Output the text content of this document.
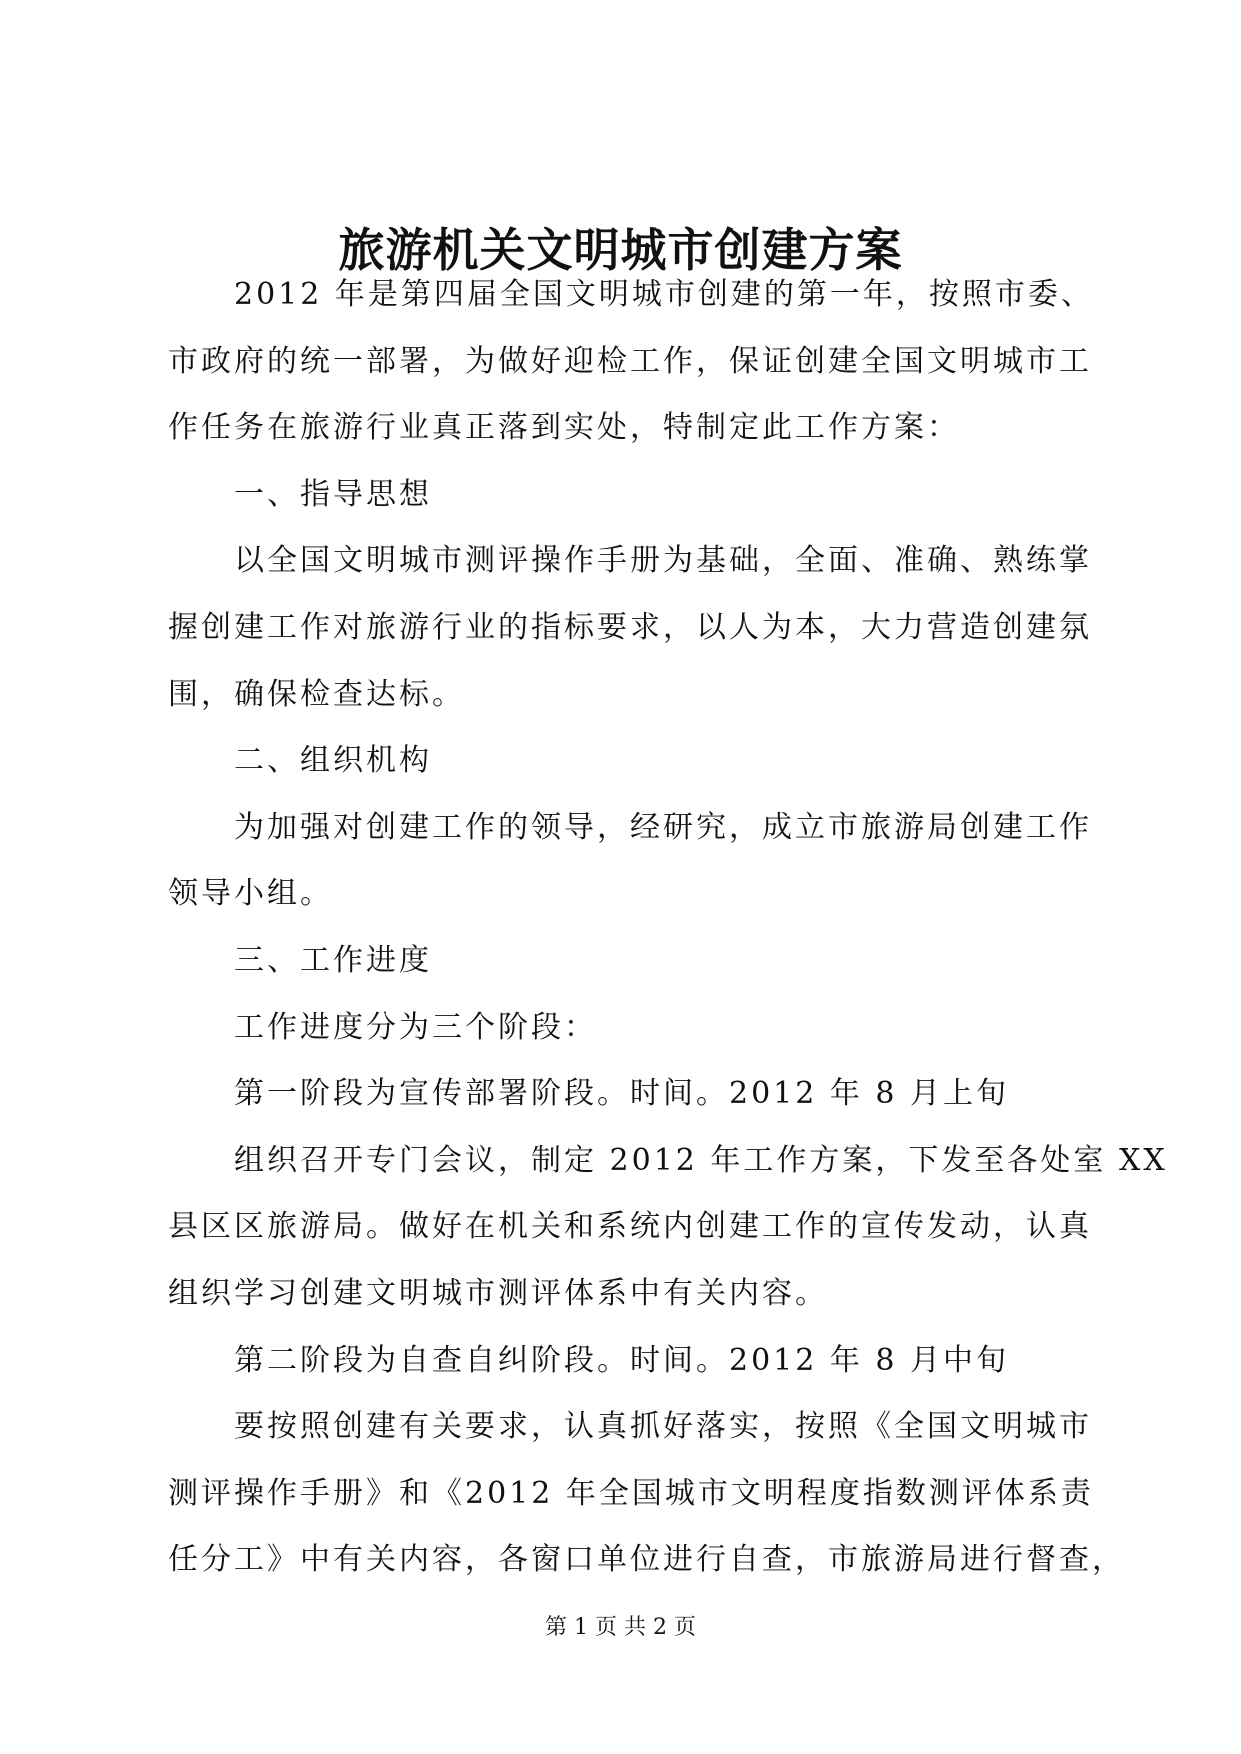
旅游机关文明城市创建方案
2012 年是第四届全国文明城市创建的第一年，按照市委、
市政府的统一部署，为做好迎检工作，保证创建全国文明城市工
作任务在旅游行业真正落到实处，特制定此工作方案：
一、指导思想
以全国文明城市测评操作手册为基础，全面、准确、熟练掌
握创建工作对旅游行业的指标要求，以人为本，大力营造创建氛
围，确保检查达标。
二、组织机构
为加强对创建工作的领导，经研究，成立市旅游局创建工作
领导小组。
三、工作进度
工作进度分为三个阶段：
第一阶段为宣传部署阶段。时间。2012 年 8 月上旬
组织召开专门会议，制定 2012 年工作方案，下发至各处室 XX
县区区旅游局。做好在机关和系统内创建工作的宣传发动，认真
组织学习创建文明城市测评体系中有关内容。
第二阶段为自查自纠阶段。时间。2012 年 8 月中旬
要按照创建有关要求，认真抓好落实，按照《全国文明城市
测评操作手册》和《2012 年全国城市文明程度指数测评体系责
任分工》中有关内容，各窗口单位进行自查，市旅游局进行督查，
第 1 页 共 2 页
